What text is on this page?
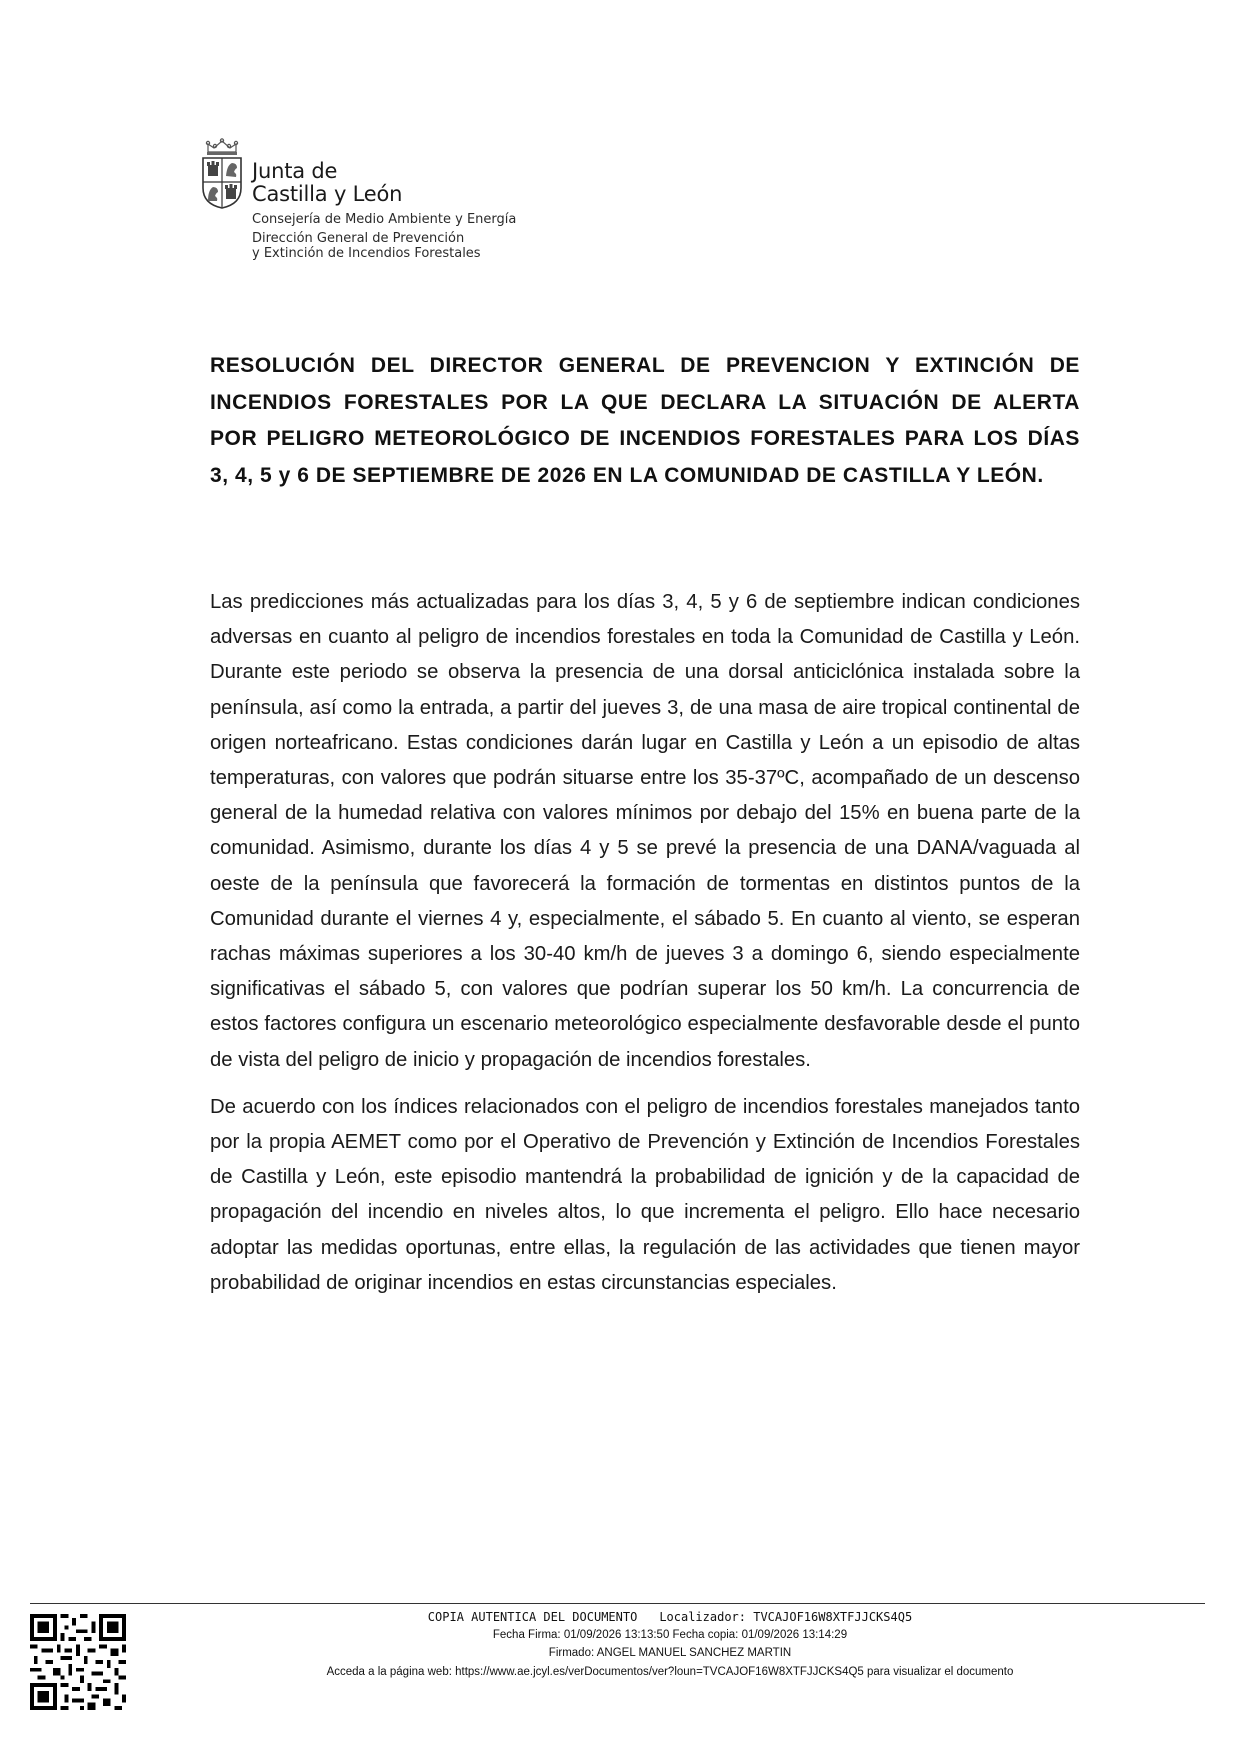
Junta de
Castilla y León
Consejería de Medio Ambiente y Energía
Dirección General de Prevención
y Extinción de Incendios Forestales
RESOLUCIÓN DEL DIRECTOR GENERAL DE PREVENCION Y EXTINCIÓN DE INCENDIOS FORESTALES POR LA QUE DECLARA LA SITUACIÓN DE ALERTA POR PELIGRO METEOROLÓGICO DE INCENDIOS FORESTALES PARA LOS DÍAS 3, 4, 5 y 6 DE SEPTIEMBRE DE 2026 EN LA COMUNIDAD DE CASTILLA Y LEÓN.

Las predicciones más actualizadas para los días 3, 4, 5 y 6 de septiembre indican condiciones adversas en cuanto al peligro de incendios forestales en toda la Comunidad de Castilla y León. Durante este periodo se observa la presencia de una dorsal anticiclónica instalada sobre la península, así como la entrada, a partir del jueves 3, de una masa de aire tropical continental de origen norteafricano. Estas condiciones darán lugar en Castilla y León a un episodio de altas temperaturas, con valores que podrán situarse entre los 35-37ºC, acompañado de un descenso general de la humedad relativa con valores mínimos por debajo del 15% en buena parte de la comunidad. Asimismo, durante los días 4 y 5 se prevé la presencia de una DANA/vaguada al oeste de la península que favorecerá la formación de tormentas en distintos puntos de la Comunidad durante el viernes 4 y, especialmente, el sábado 5. En cuanto al viento, se esperan rachas máximas superiores a los 30-40 km/h de jueves 3 a domingo 6, siendo especialmente significativas el sábado 5, con valores que podrían superar los 50 km/h. La concurrencia de estos factores configura un escenario meteorológico especialmente desfavorable desde el punto de vista del peligro de inicio y propagación de incendios forestales.

De acuerdo con los índices relacionados con el peligro de incendios forestales manejados tanto por la propia AEMET como por el Operativo de Prevención y Extinción de Incendios Forestales de Castilla y León, este episodio mantendrá la probabilidad de ignición y de la capacidad de propagación del incendio en niveles altos, lo que incrementa el peligro. Ello hace necesario adoptar las medidas oportunas, entre ellas, la regulación de las actividades que tienen mayor probabilidad de originar incendios en estas circunstancias especiales.

COPIA AUTENTICA DEL DOCUMENTO Localizador: TVCAJOF16W8XTFJJCKS4Q5
Fecha Firma: 01/09/2026 13:13:50 Fecha copia: 01/09/2026 13:14:29
Firmado: ANGEL MANUEL SANCHEZ MARTIN
Acceda a la página web: https://www.ae.jcyl.es/verDocumentos/ver?loun=TVCAJOF16W8XTFJJCKS4Q5 para visualizar el documento
